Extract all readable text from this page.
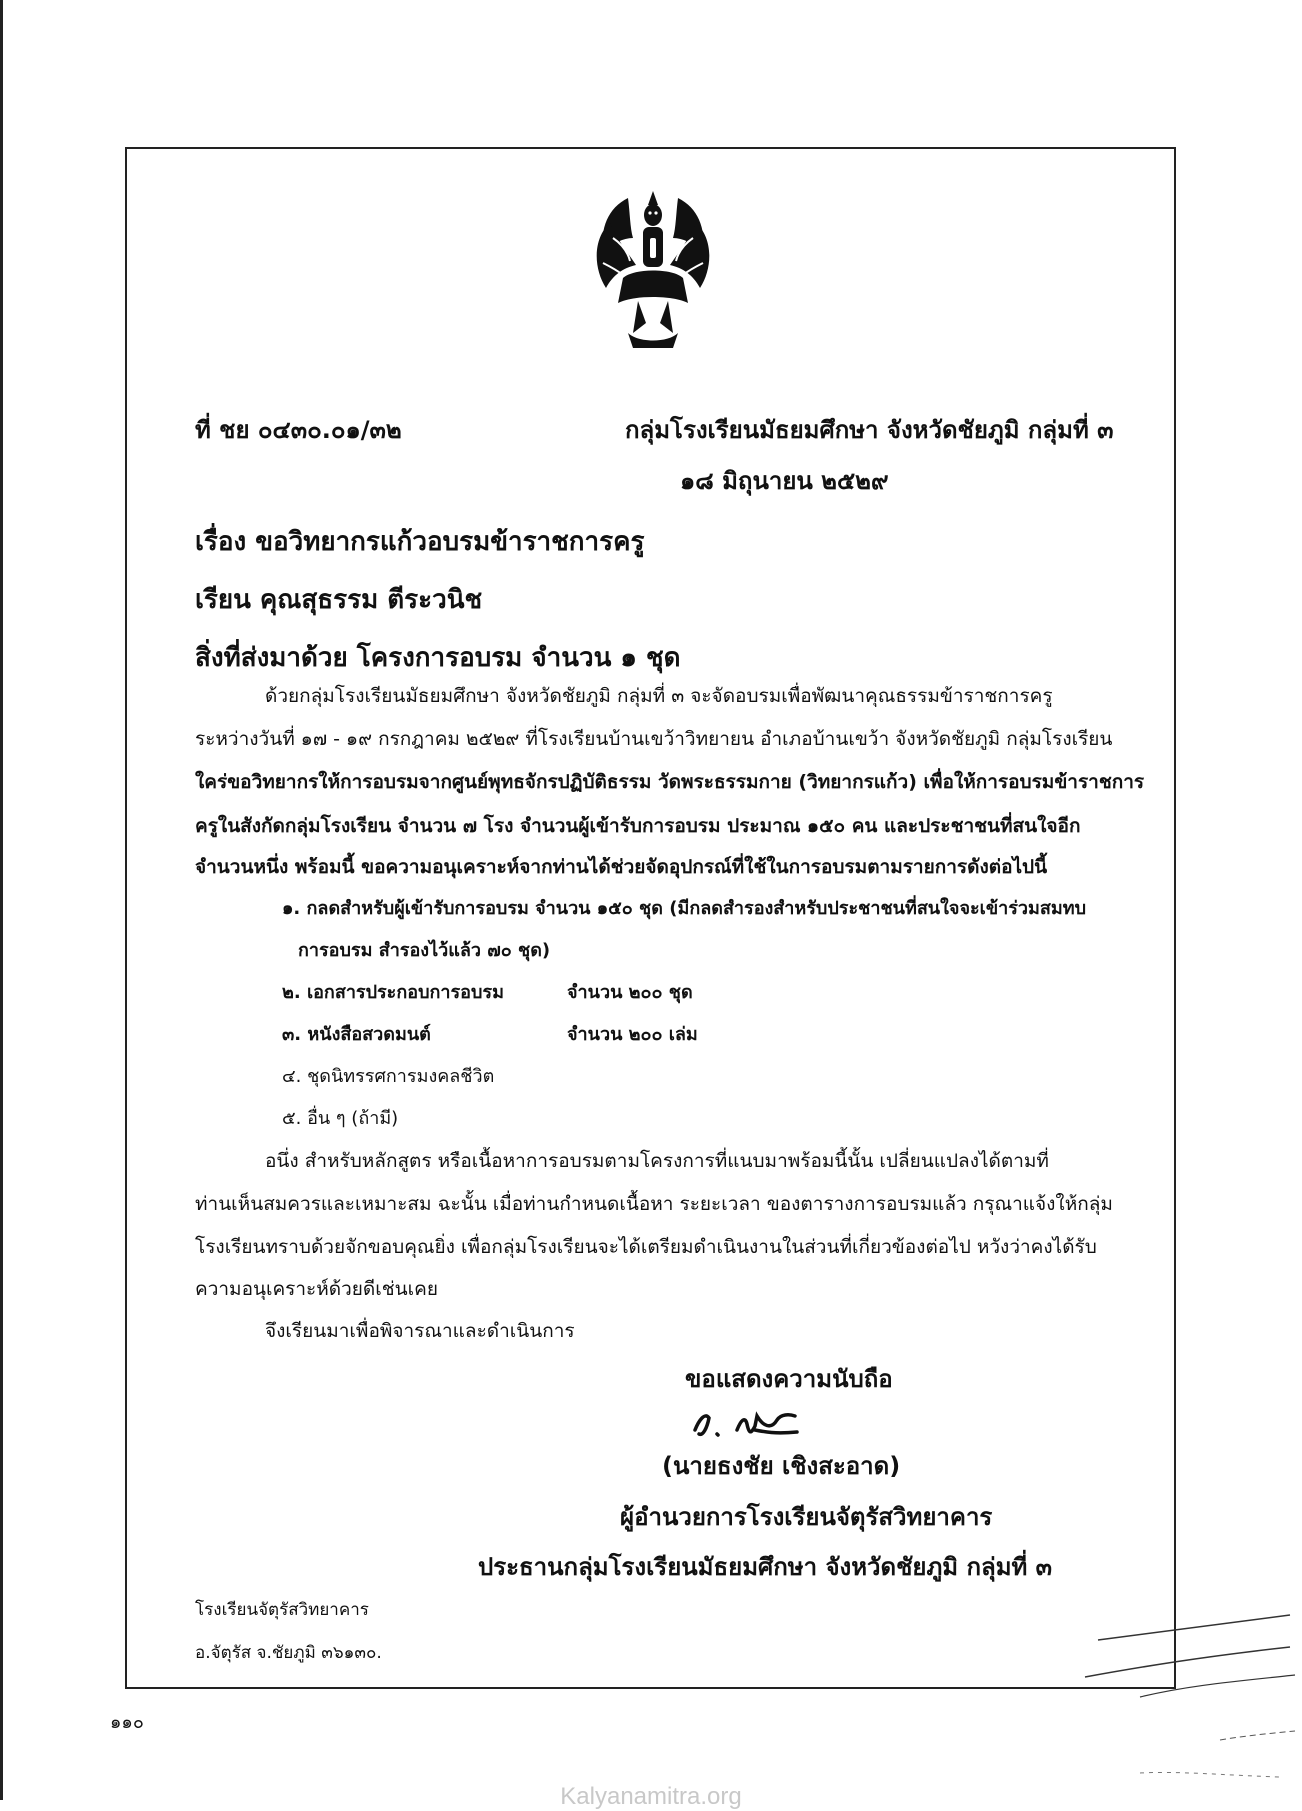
ที่ ชย ๐๔๓๐.๐๑/๓๒	กลุ่มโรงเรียนมัธยมศึกษา จังหวัดชัยภูมิ กลุ่มที่ ๓
๑๘ มิถุนายน ๒๕๒๙
เรื่อง ขอวิทยากรแก้วอบรมข้าราชการครู
เรียน คุณสุธรรม ตีระวนิช
สิ่งที่ส่งมาด้วย โครงการอบรม จำนวน ๑ ชุด
ด้วยกลุ่มโรงเรียนมัธยมศึกษา จังหวัดชัยภูมิ กลุ่มที่ ๓ จะจัดอบรมเพื่อพัฒนาคุณธรรมข้าราชการครู
ระหว่างวันที่ ๑๗ - ๑๙ กรกฎาคม ๒๕๒๙ ที่โรงเรียนบ้านเขว้าวิทยายน อำเภอบ้านเขว้า จังหวัดชัยภูมิ กลุ่มโรงเรียน
ใคร่ขอวิทยากรให้การอบรมจากศูนย์พุทธจักรปฏิบัติธรรม วัดพระธรรมกาย (วิทยากรแก้ว) เพื่อให้การอบรมข้าราชการ
ครูในสังกัดกลุ่มโรงเรียน จำนวน ๗ โรง จำนวนผู้เข้ารับการอบรม ประมาณ ๑๕๐ คน และประชาชนที่สนใจอีก
จำนวนหนึ่ง พร้อมนี้ ขอความอนุเคราะห์จากท่านได้ช่วยจัดอุปกรณ์ที่ใช้ในการอบรมตามรายการดังต่อไปนี้
๑. กลดสำหรับผู้เข้ารับการอบรม จำนวน ๑๕๐ ชุด (มีกลดสำรองสำหรับประชาชนที่สนใจจะเข้าร่วมสมทบ
การอบรม สำรองไว้แล้ว ๗๐ ชุด)
๒. เอกสารประกอบการอบรม	จำนวน ๒๐๐ ชุด
๓. หนังสือสวดมนต์	จำนวน ๒๐๐ เล่ม
๔. ชุดนิทรรศการมงคลชีวิต
๕. อื่น ๆ (ถ้ามี)
อนึ่ง สำหรับหลักสูตร หรือเนื้อหาการอบรมตามโครงการที่แนบมาพร้อมนี้นั้น เปลี่ยนแปลงได้ตามที่
ท่านเห็นสมควรและเหมาะสม ฉะนั้น เมื่อท่านกำหนดเนื้อหา ระยะเวลา ของตารางการอบรมแล้ว กรุณาแจ้งให้กลุ่ม
โรงเรียนทราบด้วยจักขอบคุณยิ่ง เพื่อกลุ่มโรงเรียนจะได้เตรียมดำเนินงานในส่วนที่เกี่ยวข้องต่อไป หวังว่าคงได้รับ
ความอนุเคราะห์ด้วยดีเช่นเคย
จึงเรียนมาเพื่อพิจารณาและดำเนินการ
ขอแสดงความนับถือ
(นายธงชัย เชิงสะอาด)
ผู้อำนวยการโรงเรียนจัตุรัสวิทยาคาร
ประธานกลุ่มโรงเรียนมัธยมศึกษา จังหวัดชัยภูมิ กลุ่มที่ ๓
โรงเรียนจัตุรัสวิทยาคาร
อ.จัตุรัส จ.ชัยภูมิ ๓๖๑๓๐.
๑๑๐
Kalyanamitra.org
